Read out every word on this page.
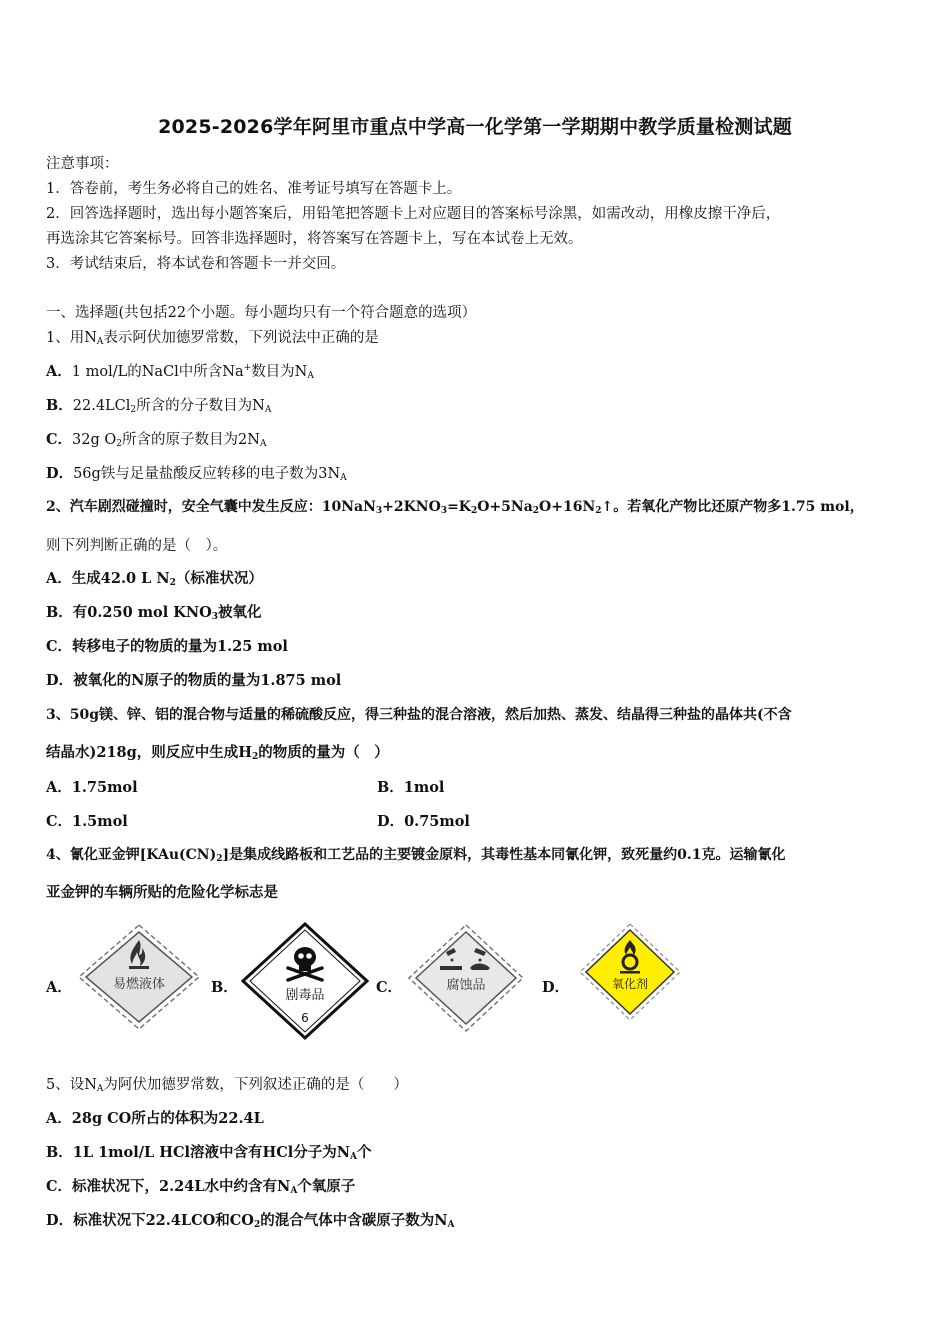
2025-2026学年阿里市重点中学高一化学第一学期期中教学质量检测试题
注意事项：
1．答卷前，考生务必将自己的姓名、准考证号填写在答题卡上。
2．回答选择题时，选出每小题答案后，用铅笔把答题卡上对应题目的答案标号涂黑，如需改动，用橡皮擦干净后，
再选涂其它答案标号。回答非选择题时，将答案写在答题卡上，写在本试卷上无效。
3．考试结束后，将本试卷和答题卡一并交回。
一、选择题(共包括22个小题。每小题均只有一个符合题意的选项）
1、用$N_A$表示阿伏加德罗常数，下列说法中正确的是
A．1 mol/L的NaCl中所含Na+数目为$N_A$
B．22.4LCl$_2$所含的分子数目为$N_A$
C．32g $O_2$所含的原子数目为$2N_A$
D．56g铁与足量盐酸反应转移的电子数为$3N_A$
2、汽车剧烈碰撞时，安全气囊中发生反应：$10NaN_3+2KNO_3=K_2O+5Na_2O+16N_2↑$。若氧化产物比还原产物多1.75 mol，
则下列判断正确的是（　）。
A．生成42.0 L $N_2$（标准状况）
B．有0.250 mol $KNO_3$被氧化
C．转移电子的物质的量为1.25 mol
D．被氧化的N原子的物质的量为1.875 mol
3、50g镁、锌、铝的混合物与适量的稀硫酸反应，得三种盐的混合溶液，然后加热、蒸发、结晶得三种盐的晶体共(不含
结晶水)218g，则反应中生成$H_2$的物质的量为（　）
A．1.75mol	B．1mol
C．1.5mol	D．0.75mol
4、氰化亚金钾$[KAu(CN)_2]$是集成线路板和工艺品的主要镀金原料，其毒性基本同氰化钾，致死量约0.1克。运输氰化
亚金钾的车辆所贴的危险化学标志是
A．	易燃液体	B．	剧毒品
6
C．	腐蚀品	D．	氧化剂
5、设$N_A$为阿伏加德罗常数，下列叙述正确的是（　　）
A．28g CO所占的体积为22.4L
B．1L 1mol/L HCl溶液中含有HCl分子为$N_A$个
C．标准状况下，2.24L水中约含有$N_A$个氧原子
D．标准状况下22.4LCO和$CO_2$的混合气体中含碳原子数为$N_A$
